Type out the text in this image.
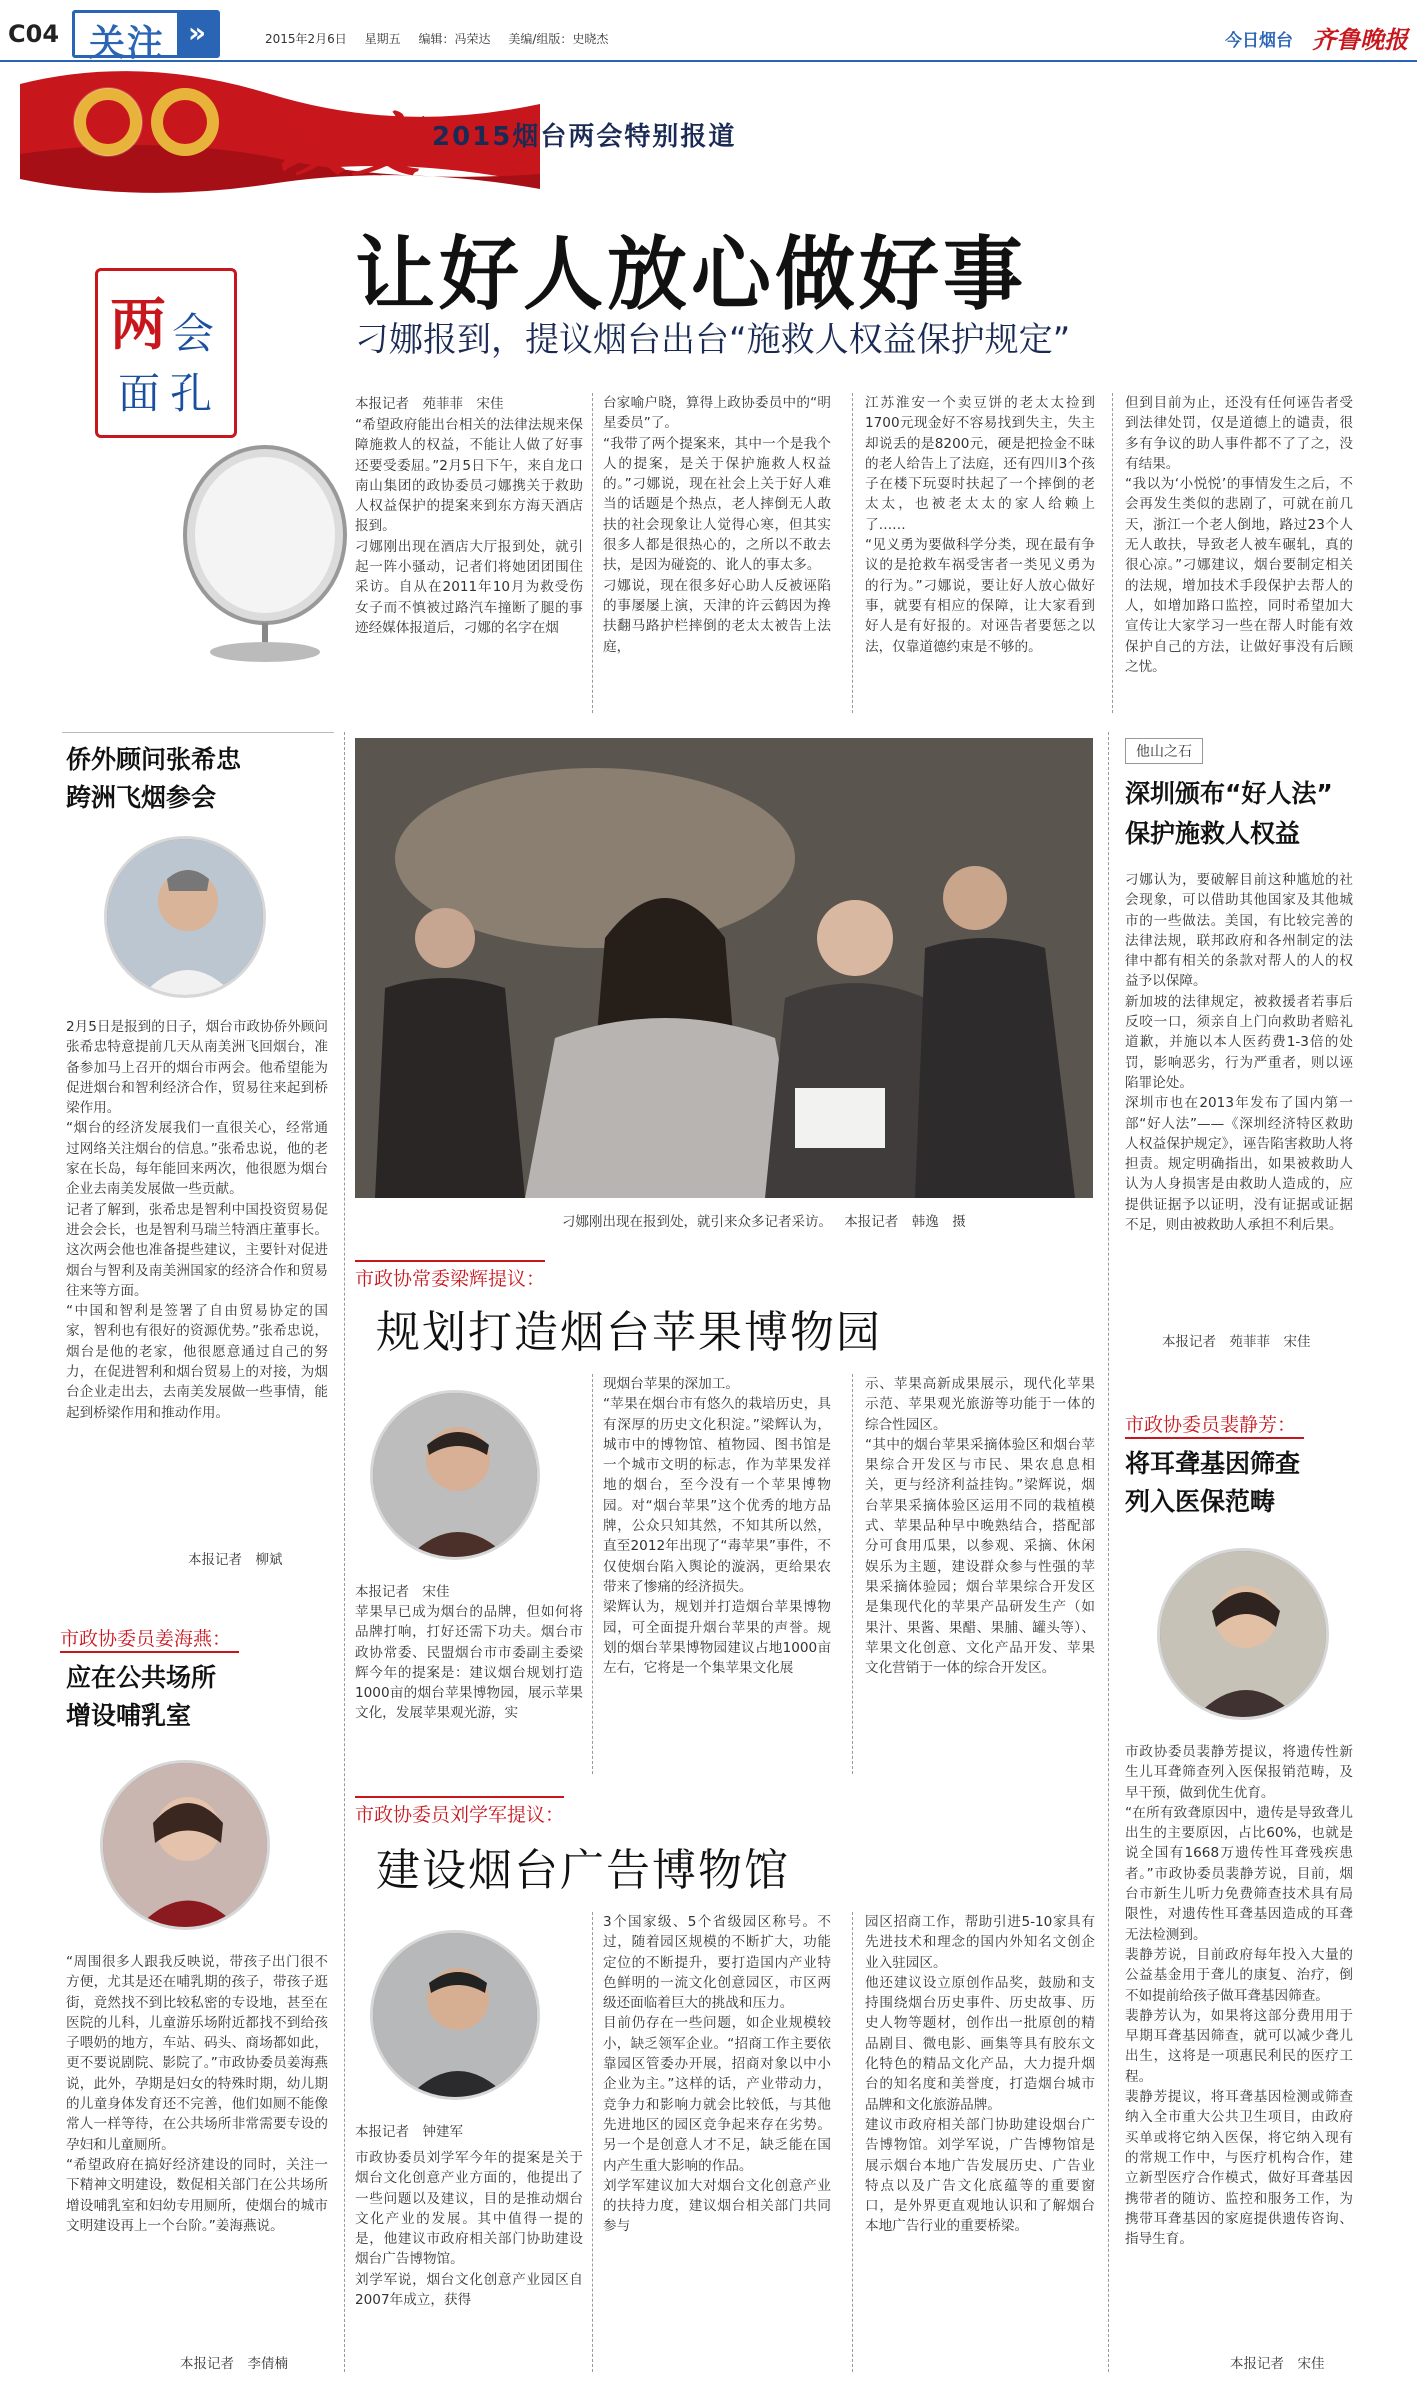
C04 关注 »	2015年2月6日 星期五 编辑：冯荣达 美编/组版：史晓杰	今日烟台 齐鲁晚报
改变 2015烟台两会特别报道
两 会
面 孔
让好人放心做好事
刁娜报到，提议烟台出台“施救人权益保护规定”
本报记者　苑菲菲　宋佳
“希望政府能出台相关的法律法规来保障施救人的权益，不能让人做了好事还要受委屈。”2月5日下午，来自龙口南山集团的政协委员刁娜携关于救助人权益保护的提案来到东方海天酒店报到。
刁娜刚出现在酒店大厅报到处，就引起一阵小骚动，记者们将她团团围住采访。自从在2011年10月为救受伤女子而不慎被过路汽车撞断了腿的事迹经媒体报道后，刁娜的名字在烟
台家喻户晓，算得上政协委员中的“明星委员”了。
“我带了两个提案来，其中一个是我个人的提案，是关于保护施救人权益的。”刁娜说，现在社会上关于好人难当的话题是个热点，老人摔倒无人敢扶的社会现象让人觉得心寒，但其实很多人都是很热心的，之所以不敢去扶，是因为碰瓷的、讹人的事太多。
刁娜说，现在很多好心助人反被诬陷的事屡屡上演，天津的许云鹤因为搀扶翻马路护栏摔倒的老太太被告上法庭，
江苏淮安一个卖豆饼的老太太捡到1700元现金好不容易找到失主，失主却说丢的是8200元，硬是把捡金不昧的老人给告上了法庭，还有四川3个孩子在楼下玩耍时扶起了一个摔倒的老太太，也被老太太的家人给赖上了……
“见义勇为要做科学分类，现在最有争议的是抢救车祸受害者一类见义勇为的行为。”刁娜说，要让好人放心做好事，就要有相应的保障，让大家看到好人是有好报的。对诬告者要惩之以法，仅靠道德约束是不够的。
但到目前为止，还没有任何诬告者受到法律处罚，仅是道德上的谴责，很多有争议的助人事件都不了了之，没有结果。
“我以为‘小悦悦’的事情发生之后，不会再发生类似的悲剧了，可就在前几天，浙江一个老人倒地，路过23个人无人敢扶，导致老人被车碾轧，真的很心凉。”刁娜建议，烟台要制定相关的法规，增加技术手段保护去帮人的人，如增加路口监控，同时希望加大宣传让大家学习一些在帮人时能有效保护自己的方法，让做好事没有后顾之忧。
刁娜刚出现在报到处，就引来众多记者采访。 本报记者　韩逸　摄
侨外顾问张希忠
跨洲飞烟参会
2月5日是报到的日子，烟台市政协侨外顾问张希忠特意提前几天从南美洲飞回烟台，准备参加马上召开的烟台市两会。他希望能为促进烟台和智利经济合作，贸易往来起到桥梁作用。
“烟台的经济发展我们一直很关心，经常通过网络关注烟台的信息。”张希忠说，他的老家在长岛，每年能回来两次，他很愿为烟台企业去南美发展做一些贡献。
记者了解到，张希忠是智利中国投资贸易促进会会长，也是智利马瑞兰特酒庄董事长。这次两会他也准备提些建议，主要针对促进烟台与智利及南美洲国家的经济合作和贸易往来等方面。
“中国和智利是签署了自由贸易协定的国家，智利也有很好的资源优势。”张希忠说，烟台是他的老家，他很愿意通过自己的努力，在促进智利和烟台贸易上的对接，为烟台企业走出去，去南美发展做一些事情，能起到桥梁作用和推动作用。
本报记者　柳斌
市政协委员姜海燕：
应在公共场所
增设哺乳室
“周围很多人跟我反映说，带孩子出门很不方便，尤其是还在哺乳期的孩子，带孩子逛街，竟然找不到比较私密的专设地，甚至在医院的儿科，儿童游乐场附近都找不到给孩子喂奶的地方，车站、码头、商场都如此，更不要说剧院、影院了。”市政协委员姜海燕说，此外，孕期是妇女的特殊时期，幼儿期的儿童身体发育还不完善，他们如厕不能像常人一样等待，在公共场所非常需要专设的孕妇和儿童厕所。
“希望政府在搞好经济建设的同时，关注一下精神文明建设，数促相关部门在公共场所增设哺乳室和妇幼专用厕所，使烟台的城市文明建设再上一个台阶。”姜海燕说。
本报记者　李倩楠
他山之石
深圳颁布“好人法”
保护施救人权益
刁娜认为，要破解目前这种尴尬的社会现象，可以借助其他国家及其他城市的一些做法。美国，有比较完善的法律法规，联邦政府和各州制定的法律中都有相关的条款对帮人的人的权益予以保障。
新加坡的法律规定，被救援者若事后反咬一口，须亲自上门向救助者赔礼道歉，并施以本人医药费1-3倍的处罚，影响恶劣，行为严重者，则以诬陷罪论处。
深圳市也在2013年发布了国内第一部“好人法”——《深圳经济特区救助人权益保护规定》，诬告陷害救助人将担责。规定明确指出，如果被救助人认为人身损害是由救助人造成的，应提供证据予以证明，没有证据或证据不足，则由被救助人承担不利后果。
本报记者　苑菲菲　宋佳
市政协委员裴静芳：
将耳聋基因筛查
列入医保范畴
市政协委员裴静芳提议，将遗传性新生儿耳聋筛查列入医保报销范畴，及早干预，做到优生优育。
“在所有致聋原因中，遗传是导致聋儿出生的主要原因，占比60%，也就是说全国有1668万遗传性耳聋残疾患者。”市政协委员裴静芳说，目前，烟台市新生儿听力免费筛查技术具有局限性，对遗传性耳聋基因造成的耳聋无法检测到。
裴静芳说，目前政府每年投入大量的公益基金用于聋儿的康复、治疗，倒不如提前给孩子做耳聋基因筛查。
裴静芳认为，如果将这部分费用用于早期耳聋基因筛查，就可以减少聋儿出生，这将是一项惠民利民的医疗工程。
裴静芳提议，将耳聋基因检测或筛查纳入全市重大公共卫生项目，由政府买单或将它纳入医保，将它纳入现有的常规工作中，与医疗机构合作，建立新型医疗合作模式，做好耳聋基因携带者的随访、监控和服务工作，为携带耳聋基因的家庭提供遗传咨询、指导生育。
本报记者　宋佳
市政协常委梁辉提议：
规划打造烟台苹果博物园
本报记者　宋佳
苹果早已成为烟台的品牌，但如何将品牌打响，打好还需下功夫。烟台市政协常委、民盟烟台市市委副主委梁辉今年的提案是：建议烟台规划打造1000亩的烟台苹果博物园，展示苹果文化，发展苹果观光游，实
现烟台苹果的深加工。
“苹果在烟台市有悠久的栽培历史，具有深厚的历史文化积淀。”梁辉认为，城市中的博物馆、植物园、图书馆是一个城市文明的标志，作为苹果发祥地的烟台，至今没有一个苹果博物园。对“烟台苹果”这个优秀的地方品牌，公众只知其然，不知其所以然，直至2012年出现了“毒苹果”事件，不仅使烟台陷入舆论的漩涡，更给果农带来了惨痛的经济损失。
梁辉认为，规划并打造烟台苹果博物园，可全面提升烟台苹果的声誉。规划的烟台苹果博物园建议占地1000亩左右，它将是一个集苹果文化展
示、苹果高新成果展示，现代化苹果示范、苹果观光旅游等功能于一体的综合性园区。
“其中的烟台苹果采摘体验区和烟台苹果综合开发区与市民、果农息息相关，更与经济利益挂钩。”梁辉说，烟台苹果采摘体验区运用不同的栽植模式、苹果品种早中晚熟结合，搭配部分可食用瓜果，以参观、采摘、休闲娱乐为主题，建设群众参与性强的苹果采摘体验园；烟台苹果综合开发区是集现代化的苹果产品研发生产（如果汁、果酱、果醋、果脯、罐头等）、苹果文化创意、文化产品开发、苹果文化营销于一体的综合开发区。
市政协委员刘学军提议：
建设烟台广告博物馆
本报记者　钟建军
市政协委员刘学军今年的提案是关于烟台文化创意产业方面的，他提出了一些问题以及建议，目的是推动烟台文化产业的发展。其中值得一提的是，他建议市政府相关部门协助建设烟台广告博物馆。
刘学军说，烟台文化创意产业园区自2007年成立，获得
3个国家级、5个省级园区称号。不过，随着园区规模的不断扩大，功能定位的不断提升，要打造国内产业特色鲜明的一流文化创意园区，市区两级还面临着巨大的挑战和压力。
目前仍存在一些问题，如企业规模较小，缺乏领军企业。“招商工作主要依靠园区管委办开展，招商对象以中小企业为主。”这样的话，产业带动力，竞争力和影响力就会比较低，与其他先进地区的园区竞争起来存在劣势。另一个是创意人才不足，缺乏能在国内产生重大影响的作品。
刘学军建议加大对烟台文化创意产业的扶持力度，建议烟台相关部门共同参与
园区招商工作，帮助引进5-10家具有先进技术和理念的国内外知名文创企业入驻园区。
他还建议设立原创作品奖，鼓励和支持围绕烟台历史事件、历史故事、历史人物等题材，创作出一批原创的精品剧目、微电影、画集等具有胶东文化特色的精品文化产品，大力提升烟台的知名度和美誉度，打造烟台城市品牌和文化旅游品牌。
建议市政府相关部门协助建设烟台广告博物馆。刘学军说，广告博物馆是展示烟台本地广告发展历史、广告业特点以及广告文化底蕴等的重要窗口，是外界更直观地认识和了解烟台本地广告行业的重要桥梁。
